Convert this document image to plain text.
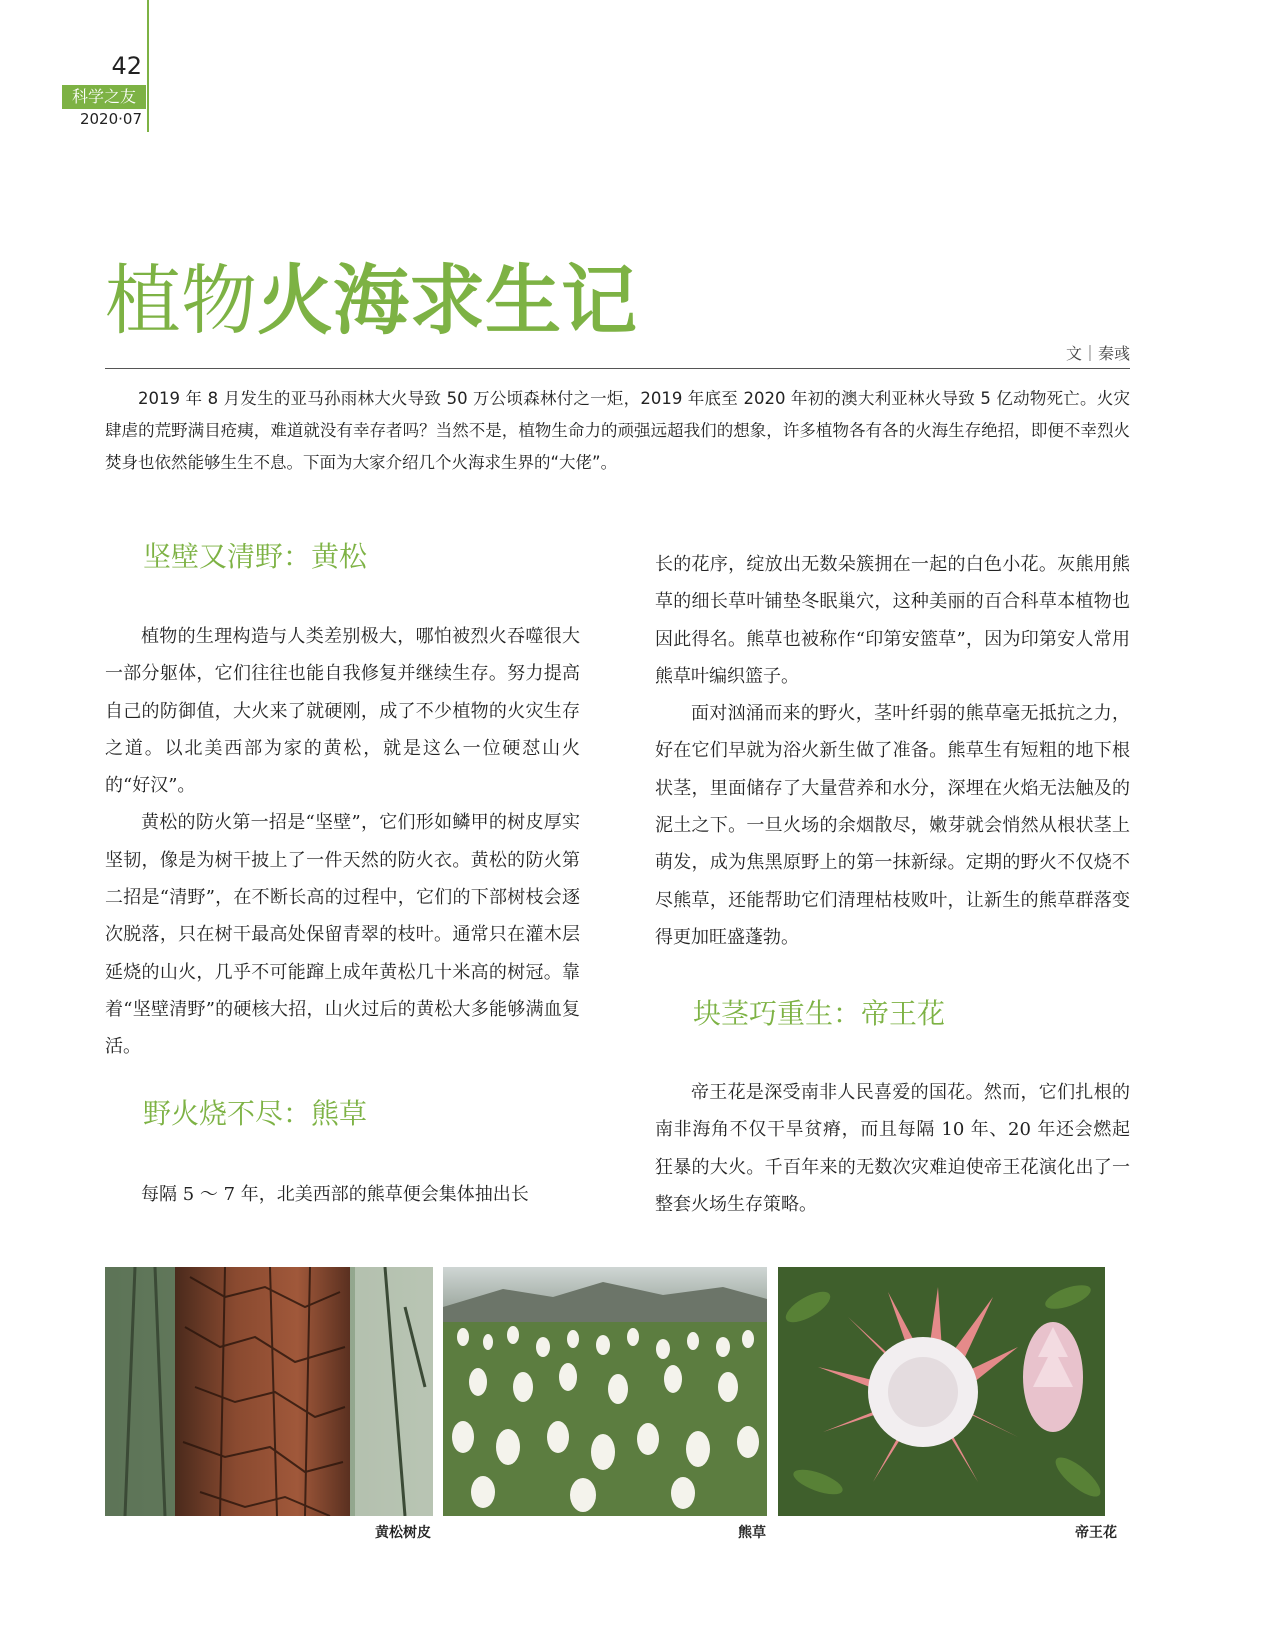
42
科学之友
2020·07
植物火海求生记
文｜秦彧

2019 年 8 月发生的亚马孙雨林大火导致 50 万公顷森林付之一炬，2019 年底至 2020 年初的澳大利亚林火导致 5 亿动物死亡。火灾肆虐的荒野满目疮痍，难道就没有幸存者吗？当然不是，植物生命力的顽强远超我们的想象，许多植物各有各的火海生存绝招，即便不幸烈火焚身也依然能够生生不息。下面为大家介绍几个火海求生界的“大佬”。

坚壁又清野：黄松

植物的生理构造与人类差别极大，哪怕被烈火吞噬很大一部分躯体，它们往往也能自我修复并继续生存。努力提高自己的防御值，大火来了就硬刚，成了不少植物的火灾生存之道。以北美西部为家的黄松，就是这么一位硬怼山火的“好汉”。

黄松的防火第一招是“坚壁”，它们形如鳞甲的树皮厚实坚韧，像是为树干披上了一件天然的防火衣。黄松的防火第二招是“清野”，在不断长高的过程中，它们的下部树枝会逐次脱落，只在树干最高处保留青翠的枝叶。通常只在灌木层延烧的山火，几乎不可能蹿上成年黄松几十米高的树冠。靠着“坚壁清野”的硬核大招，山火过后的黄松大多能够满血复活。

野火烧不尽：熊草

每隔 5 ～ 7 年，北美西部的熊草便会集体抽出长

长的花序，绽放出无数朵簇拥在一起的白色小花。灰熊用熊草的细长草叶铺垫冬眠巢穴，这种美丽的百合科草本植物也因此得名。熊草也被称作“印第安篮草”，因为印第安人常用熊草叶编织篮子。

面对汹涌而来的野火，茎叶纤弱的熊草毫无抵抗之力，好在它们早就为浴火新生做了准备。熊草生有短粗的地下根状茎，里面储存了大量营养和水分，深埋在火焰无法触及的泥土之下。一旦火场的余烟散尽，嫩芽就会悄然从根状茎上萌发，成为焦黑原野上的第一抹新绿。定期的野火不仅烧不尽熊草，还能帮助它们清理枯枝败叶，让新生的熊草群落变得更加旺盛蓬勃。

块茎巧重生：帝王花

帝王花是深受南非人民喜爱的国花。然而，它们扎根的南非海角不仅干旱贫瘠，而且每隔 10 年、20 年还会燃起狂暴的大火。千百年来的无数次灾难迫使帝王花演化出了一整套火场生存策略。

黄松树皮	熊草	帝王花
